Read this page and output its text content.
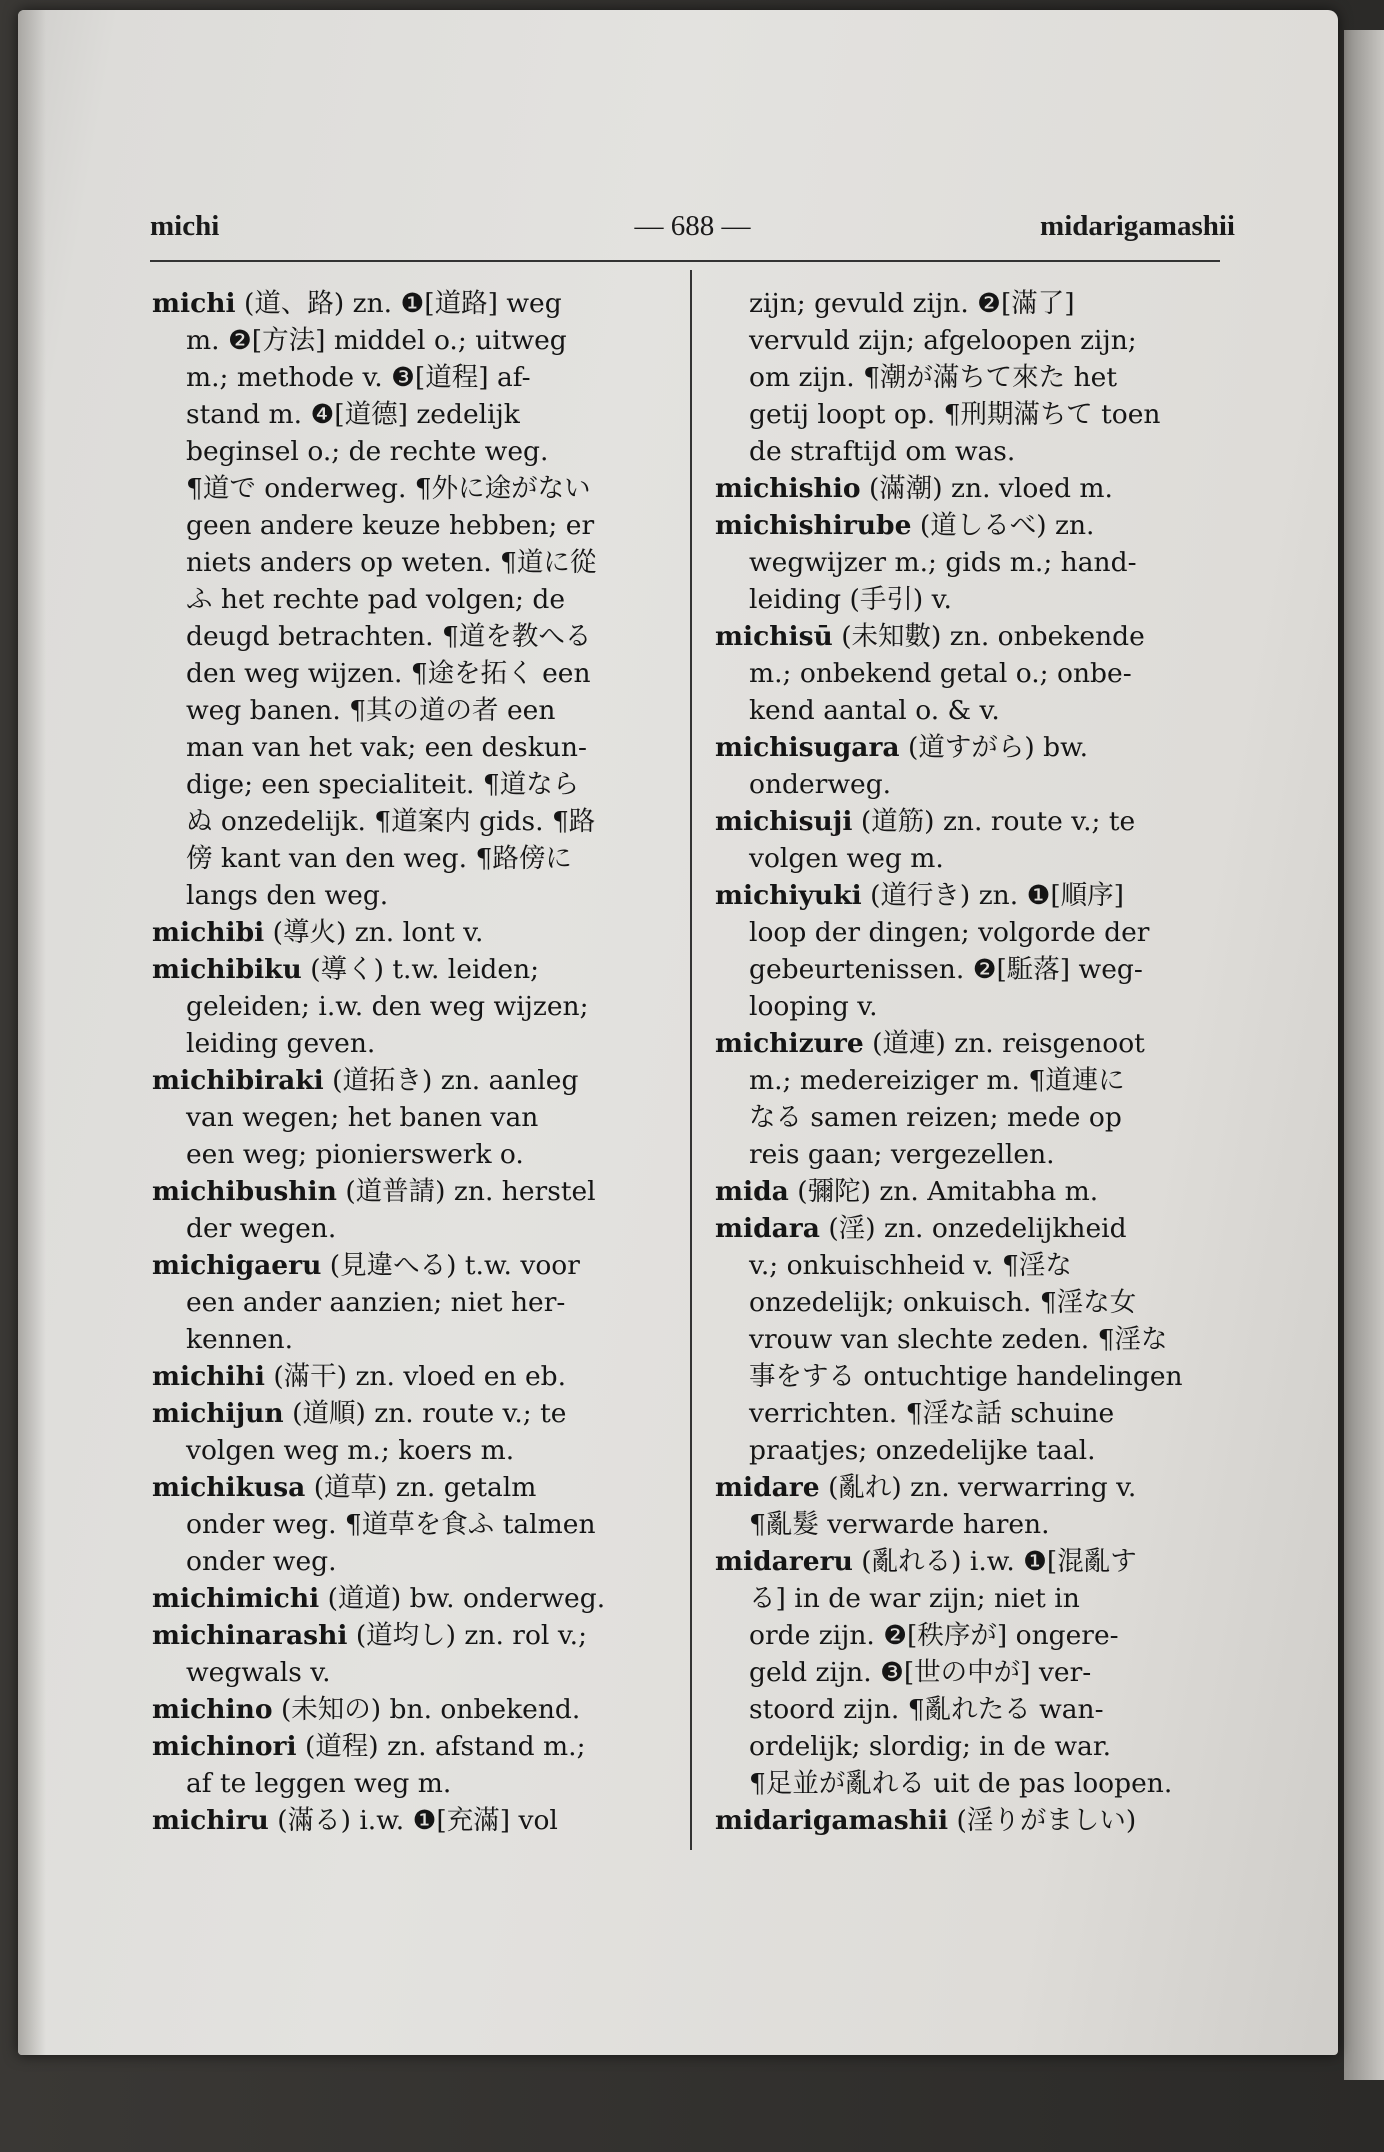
michi	— 688 —	midarigamashii
michi (道、路) zn. ❶[道路] weg
m. ❷[方法] middel o.; uitweg
m.; methode v. ❸[道程] af-
stand m. ❹[道德] zedelijk
beginsel o.; de rechte weg.
¶道で onderweg. ¶外に途がない
geen andere keuze hebben; er
niets anders op weten. ¶道に從
ふ het rechte pad volgen; de
deugd betrachten. ¶道を教へる
den weg wijzen. ¶途を拓く een
weg banen. ¶其の道の者 een
man van het vak; een deskun-
dige; een specialiteit. ¶道なら
ぬ onzedelijk. ¶道案内 gids. ¶路
傍 kant van den weg. ¶路傍に
langs den weg.
michibi (導火) zn. lont v.
michibiku (導く) t.w. leiden;
geleiden; i.w. den weg wijzen;
leiding geven.
michibiraki (道拓き) zn. aanleg
van wegen; het banen van
een weg; pionierswerk o.
michibushin (道普請) zn. herstel
der wegen.
michigaeru (見違へる) t.w. voor
een ander aanzien; niet her-
kennen.
michihi (滿干) zn. vloed en eb.
michijun (道順) zn. route v.; te
volgen weg m.; koers m.
michikusa (道草) zn. getalm
onder weg. ¶道草を食ふ talmen
onder weg.
michimichi (道道) bw. onderweg.
michinarashi (道均し) zn. rol v.;
wegwals v.
michino (未知の) bn. onbekend.
michinori (道程) zn. afstand m.;
af te leggen weg m.
michiru (滿る) i.w. ❶[充滿] vol
zijn; gevuld zijn. ❷[滿了]
vervuld zijn; afgeloopen zijn;
om zijn. ¶潮が滿ちて來た het
getij loopt op. ¶刑期滿ちて toen
de straftijd om was.
michishio (滿潮) zn. vloed m.
michishirube (道しるべ) zn.
wegwijzer m.; gids m.; hand-
leiding (手引) v.
michisū (未知數) zn. onbekende
m.; onbekend getal o.; onbe-
kend aantal o. & v.
michisugara (道すがら) bw.
onderweg.
michisuji (道筋) zn. route v.; te
volgen weg m.
michiyuki (道行き) zn. ❶[順序]
loop der dingen; volgorde der
gebeurtenissen. ❷[駈落] weg-
looping v.
michizure (道連) zn. reisgenoot
m.; medereiziger m. ¶道連に
なる samen reizen; mede op
reis gaan; vergezellen.
mida (彌陀) zn. Amitabha m.
midara (淫) zn. onzedelijkheid
v.; onkuischheid v. ¶淫な
onzedelijk; onkuisch. ¶淫な女
vrouw van slechte zeden. ¶淫な
事をする ontuchtige handelingen
verrichten. ¶淫な話 schuine
praatjes; onzedelijke taal.
midare (亂れ) zn. verwarring v.
¶亂髮 verwarde haren.
midareru (亂れる) i.w. ❶[混亂す
る] in de war zijn; niet in
orde zijn. ❷[秩序が] ongere-
geld zijn. ❸[世の中が] ver-
stoord zijn. ¶亂れたる wan-
ordelijk; slordig; in de war.
¶足並が亂れる uit de pas loopen.
midarigamashii (淫りがましい)
